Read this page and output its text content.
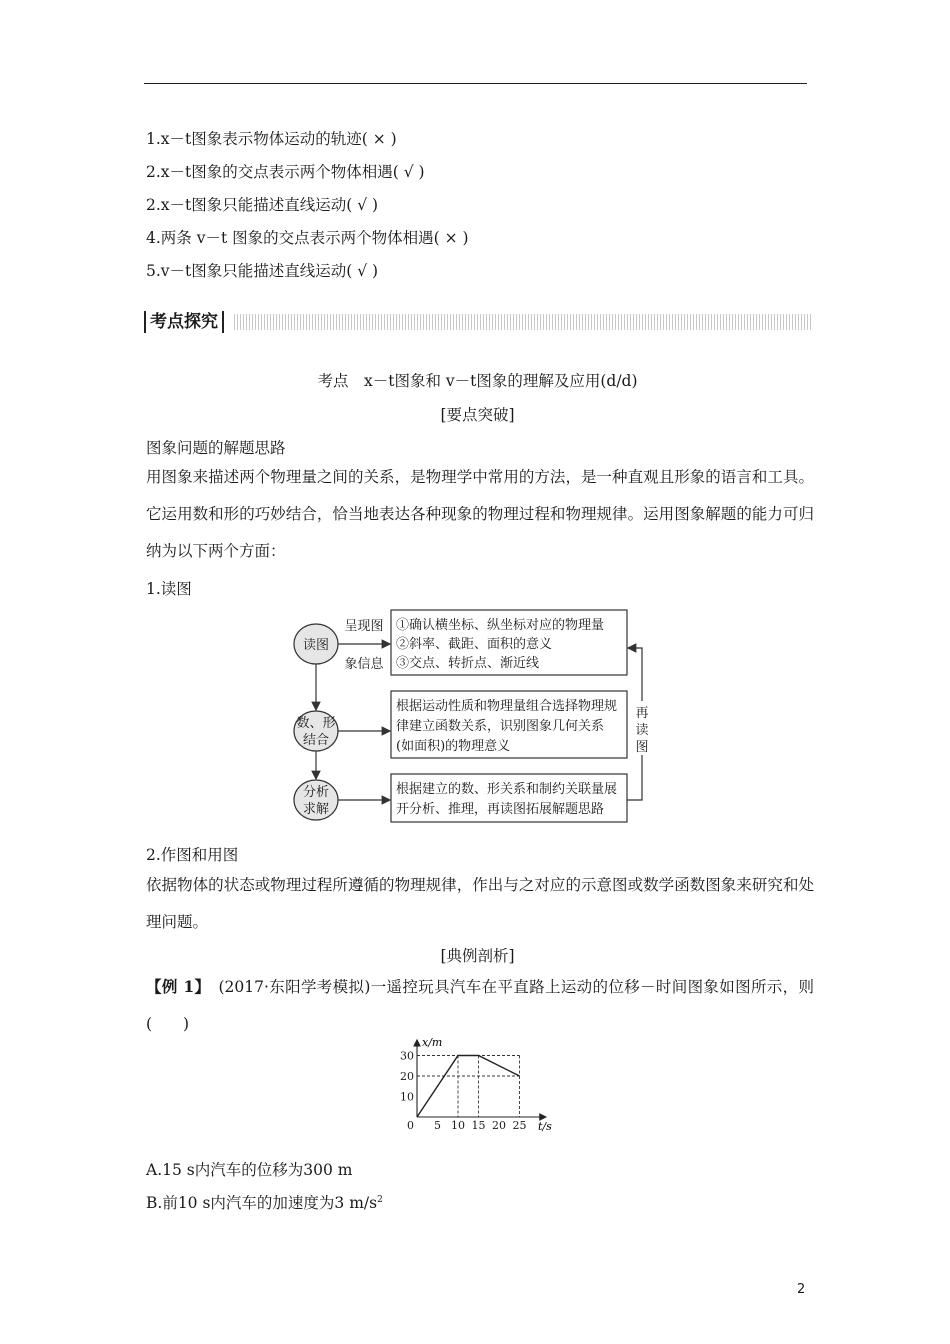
1.x－t图象表示物体运动的轨迹( × )
2.x－t图象的交点表示两个物体相遇( √ )
2.x－t图象只能描述直线运动( √ )
4.两条 v－t 图象的交点表示两个物体相遇( × )
5.v－t图象只能描述直线运动( √ )
考点探究
考点　x－t图象和 v－t图象的理解及应用(d/d)
[要点突破]
图象问题的解题思路
用图象来描述两个物理量之间的关系，是物理学中常用的方法，是一种直观且形象的语言和工具。它运用数和形的巧妙结合，恰当地表达各种现象的物理过程和物理规律。运用图象解题的能力可归纳为以下两个方面：
1.读图
读图
数、形
结合
分析
求解
呈现图
象信息
①确认横坐标、纵坐标对应的物理量
②斜率、截距、面积的意义
③交点、转折点、渐近线
根据运动性质和物理量组合选择物理规
律建立函数关系，识别图象几何关系
(如面积)的物理意义
根据建立的数、形关系和制约关联量展
开分析、推理，再读图拓展解题思路
再
读
图
2.作图和用图
依据物体的状态或物理过程所遵循的物理规律，作出与之对应的示意图或数学函数图象来研究和处理问题。
[典例剖析]
【例 1】　(2017·东阳学考模拟)一遥控玩具汽车在平直路上运动的位移－时间图象如图所示，则(　　)
0 5 10 15 20 25
10
20
30
x/m
t/s
A.15 s内汽车的位移为300 m
B.前10 s内汽车的加速度为3 $m/s^2$
2
